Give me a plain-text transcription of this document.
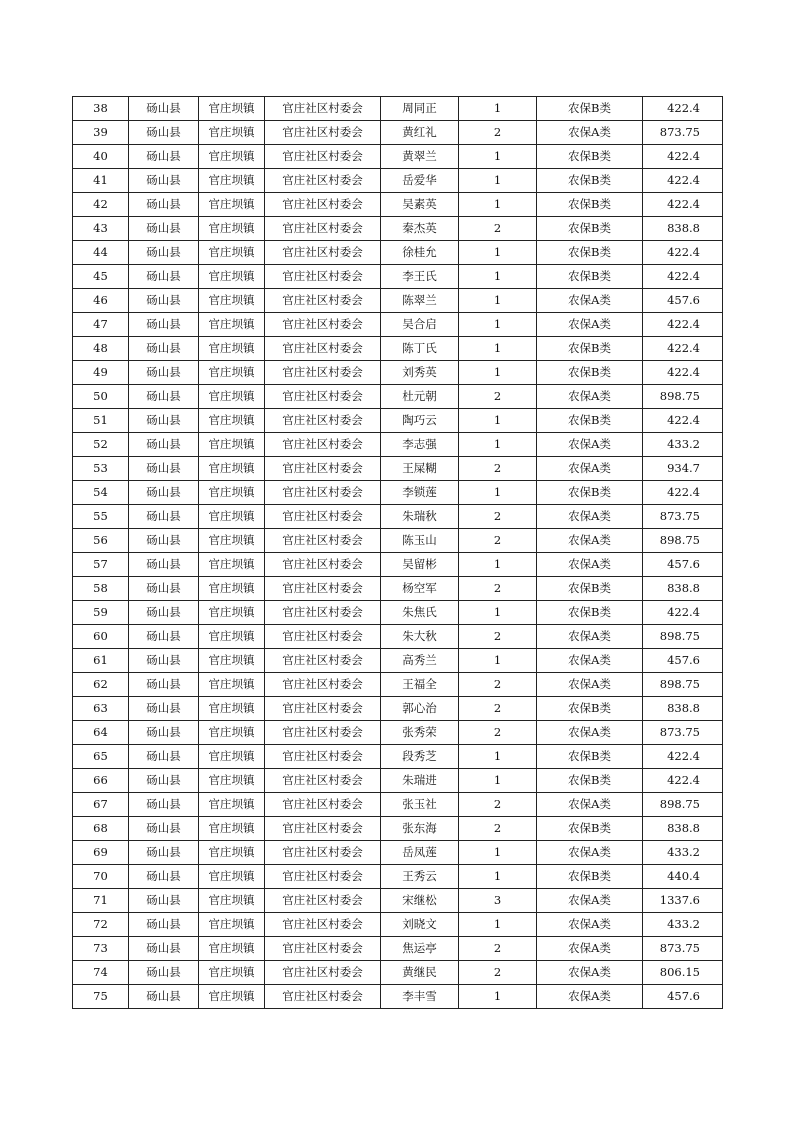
38	砀山县	官庄坝镇	官庄社区村委会	周同正	1	农保B类	422.4
39	砀山县	官庄坝镇	官庄社区村委会	黄红礼	2	农保A类	873.75
40	砀山县	官庄坝镇	官庄社区村委会	黄翠兰	1	农保B类	422.4
41	砀山县	官庄坝镇	官庄社区村委会	岳爱华	1	农保B类	422.4
42	砀山县	官庄坝镇	官庄社区村委会	吴素英	1	农保B类	422.4
43	砀山县	官庄坝镇	官庄社区村委会	秦杰英	2	农保B类	838.8
44	砀山县	官庄坝镇	官庄社区村委会	徐桂允	1	农保B类	422.4
45	砀山县	官庄坝镇	官庄社区村委会	李王氏	1	农保B类	422.4
46	砀山县	官庄坝镇	官庄社区村委会	陈翠兰	1	农保A类	457.6
47	砀山县	官庄坝镇	官庄社区村委会	吴合启	1	农保A类	422.4
48	砀山县	官庄坝镇	官庄社区村委会	陈丁氏	1	农保B类	422.4
49	砀山县	官庄坝镇	官庄社区村委会	刘秀英	1	农保B类	422.4
50	砀山县	官庄坝镇	官庄社区村委会	杜元朝	2	农保A类	898.75
51	砀山县	官庄坝镇	官庄社区村委会	陶巧云	1	农保B类	422.4
52	砀山县	官庄坝镇	官庄社区村委会	李志强	1	农保A类	433.2
53	砀山县	官庄坝镇	官庄社区村委会	王屎糊	2	农保A类	934.7
54	砀山县	官庄坝镇	官庄社区村委会	李锁莲	1	农保B类	422.4
55	砀山县	官庄坝镇	官庄社区村委会	朱瑞秋	2	农保A类	873.75
56	砀山县	官庄坝镇	官庄社区村委会	陈玉山	2	农保A类	898.75
57	砀山县	官庄坝镇	官庄社区村委会	吴留彬	1	农保A类	457.6
58	砀山县	官庄坝镇	官庄社区村委会	杨空军	2	农保B类	838.8
59	砀山县	官庄坝镇	官庄社区村委会	朱焦氏	1	农保B类	422.4
60	砀山县	官庄坝镇	官庄社区村委会	朱大秋	2	农保A类	898.75
61	砀山县	官庄坝镇	官庄社区村委会	高秀兰	1	农保A类	457.6
62	砀山县	官庄坝镇	官庄社区村委会	王福全	2	农保A类	898.75
63	砀山县	官庄坝镇	官庄社区村委会	郭心治	2	农保B类	838.8
64	砀山县	官庄坝镇	官庄社区村委会	张秀荣	2	农保A类	873.75
65	砀山县	官庄坝镇	官庄社区村委会	段秀芝	1	农保B类	422.4
66	砀山县	官庄坝镇	官庄社区村委会	朱瑞进	1	农保B类	422.4
67	砀山县	官庄坝镇	官庄社区村委会	张玉社	2	农保A类	898.75
68	砀山县	官庄坝镇	官庄社区村委会	张东海	2	农保B类	838.8
69	砀山县	官庄坝镇	官庄社区村委会	岳凤莲	1	农保A类	433.2
70	砀山县	官庄坝镇	官庄社区村委会	王秀云	1	农保B类	440.4
71	砀山县	官庄坝镇	官庄社区村委会	宋继松	3	农保A类	1337.6
72	砀山县	官庄坝镇	官庄社区村委会	刘晓文	1	农保A类	433.2
73	砀山县	官庄坝镇	官庄社区村委会	焦运亭	2	农保A类	873.75
74	砀山县	官庄坝镇	官庄社区村委会	黄继民	2	农保A类	806.15
75	砀山县	官庄坝镇	官庄社区村委会	李丰雪	1	农保A类	457.6
